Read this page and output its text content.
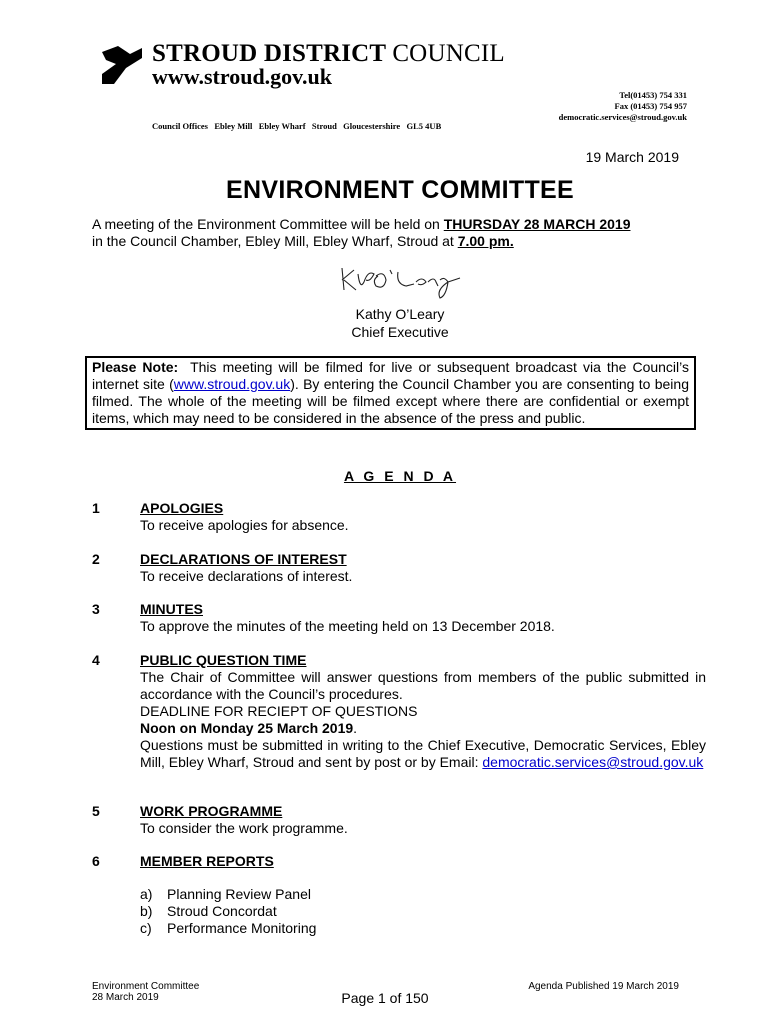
STROUD DISTRICT COUNCIL
www.stroud.gov.uk
Tel(01453) 754 331
Fax (01453) 754 957
democratic.services@stroud.gov.uk
Council Offices   Ebley Mill   Ebley Wharf   Stroud   Gloucestershire   GL5 4UB
19 March 2019
ENVIRONMENT COMMITTEE
A meeting of the Environment Committee will be held on THURSDAY 28 MARCH 2019
in the Council Chamber, Ebley Mill, Ebley Wharf, Stroud at 7.00 pm.
Kathy O’Leary
Chief Executive
Please Note:  This meeting will be filmed for live or subsequent broadcast via the Council’s internet site (www.stroud.gov.uk). By entering the Council Chamber you are consenting to being filmed. The whole of the meeting will be filmed except where there are confidential or exempt items, which may need to be considered in the absence of the press and public.
A G E N D A
1	APOLOGIES
To receive apologies for absence.
2	DECLARATIONS OF INTEREST
To receive declarations of interest.
3	MINUTES
To approve the minutes of the meeting held on 13 December 2018.
4	PUBLIC QUESTION TIME
The Chair of Committee will answer questions from members of the public submitted in accordance with the Council’s procedures.
DEADLINE FOR RECIEPT OF QUESTIONS
Noon on Monday 25 March 2019.
Questions must be submitted in writing to the Chief Executive, Democratic Services, Ebley Mill, Ebley Wharf, Stroud and sent by post or by Email: democratic.services@stroud.gov.uk
5	WORK PROGRAMME
To consider the work programme.
6	MEMBER REPORTS
a)	Planning Review Panel
b)	Stroud Concordat
c)	Performance Monitoring
Environment Committee
28 March 2019
Agenda Published 19 March 2019
Page 1 of 150
